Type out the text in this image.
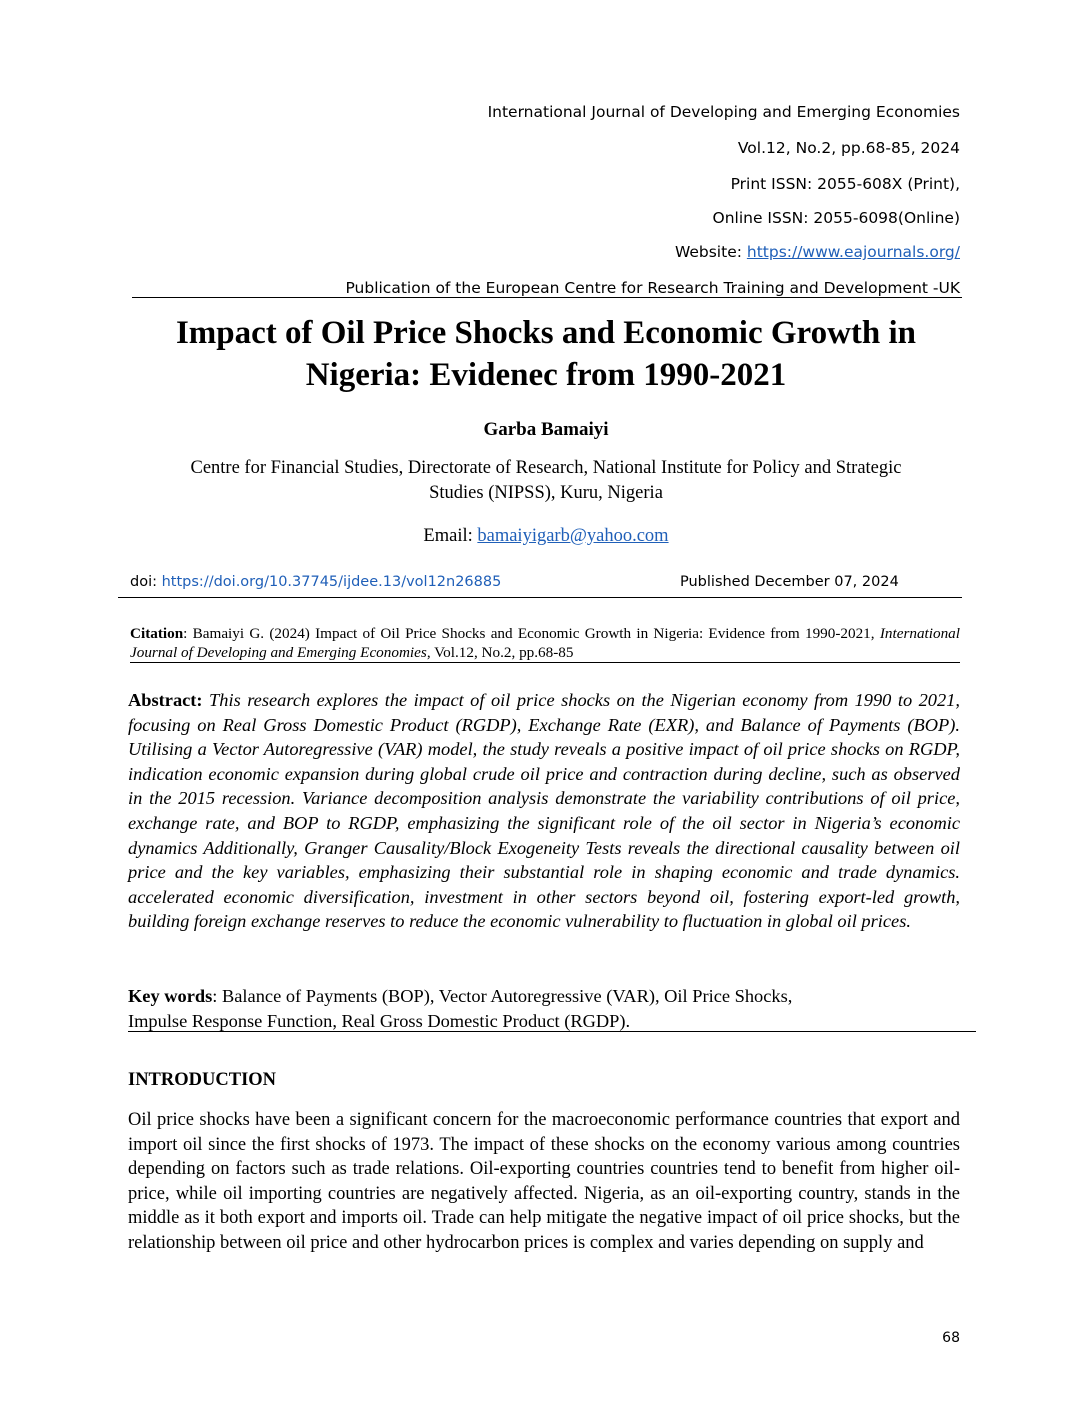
International Journal of Developing and Emerging Economies
Vol.12, No.2, pp.68-85, 2024
Print ISSN: 2055-608X (Print),
Online ISSN: 2055-6098(Online)
Website: https://www.eajournals.org/
Publication of the European Centre for Research Training and Development -UK
Impact of Oil Price Shocks and Economic Growth in
Nigeria: Evidenec from 1990-2021
Garba Bamaiyi
Centre for Financial Studies, Directorate of Research, National Institute for Policy and Strategic
Studies (NIPSS), Kuru, Nigeria
Email: bamaiyigarb@yahoo.com
doi: https://doi.org/10.37745/ijdee.13/vol12n26885	Published December 07, 2024
Citation: Bamaiyi G. (2024) Impact of Oil Price Shocks and Economic Growth in Nigeria: Evidence from 1990-2021, International Journal of Developing and Emerging Economies, Vol.12, No.2, pp.68-85
Abstract: This research explores the impact of oil price shocks on the Nigerian economy from 1990 to 2021, focusing on Real Gross Domestic Product (RGDP), Exchange Rate (EXR), and Balance of Payments (BOP). Utilising a Vector Autoregressive (VAR) model, the study reveals a positive impact of oil price shocks on RGDP, indication economic expansion during global crude oil price and contraction during decline, such as observed in the 2015 recession. Variance decomposition analysis demonstrate the variability contributions of oil price, exchange rate, and BOP to RGDP, emphasizing the significant role of the oil sector in Nigeria’s economic dynamics Additionally, Granger Causality/Block Exogeneity Tests reveals the directional causality between oil price and the key variables, emphasizing their substantial role in shaping economic and trade dynamics. accelerated economic diversification, investment in other sectors beyond oil, fostering export-led growth, building foreign exchange reserves to reduce the economic vulnerability to fluctuation in global oil prices.
Key words: Balance of Payments (BOP), Vector Autoregressive (VAR), Oil Price Shocks,
Impulse Response Function, Real Gross Domestic Product (RGDP).
INTRODUCTION
Oil price shocks have been a significant concern for the macroeconomic performance countries that export and import oil since the first shocks of 1973. The impact of these shocks on the economy various among countries depending on factors such as trade relations. Oil-exporting countries countries tend to benefit from higher oil-price, while oil importing countries are negatively affected. Nigeria, as an oil-exporting country, stands in the middle as it both export and imports oil. Trade can help mitigate the negative impact of oil price shocks, but the relationship between oil price and other hydrocarbon prices is complex and varies depending on supply and
68
